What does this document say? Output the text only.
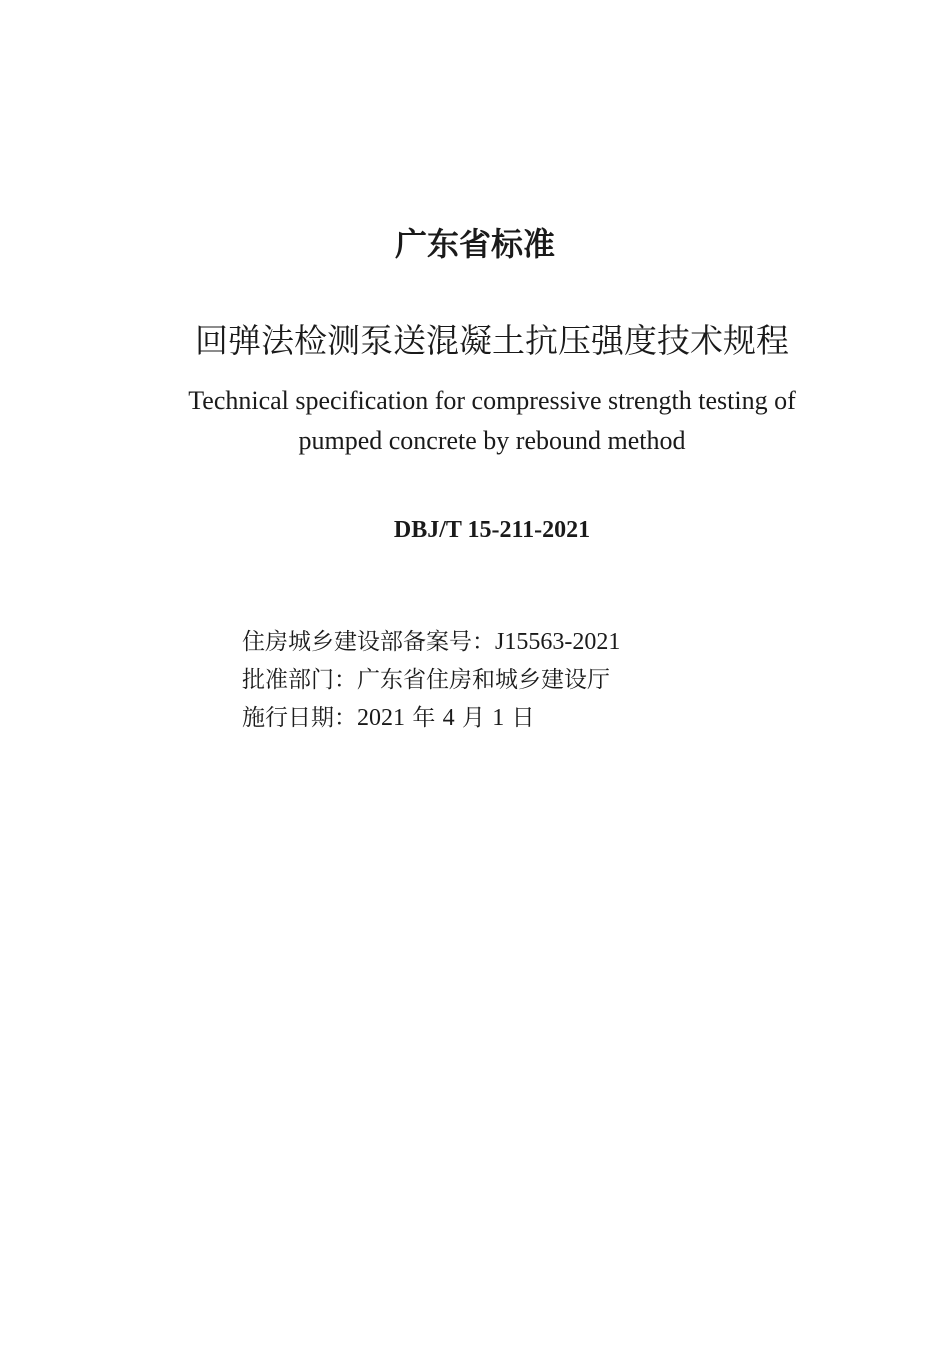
广东省标准
回弹法检测泵送混凝土抗压强度技术规程
Technical specification for compressive strength testing of
pumped concrete by rebound method
DBJ/T 15-211-2021
住房城乡建设部备案号：J15563-2021
批准部门：广东省住房和城乡建设厅
施行日期：2021 年 4 月 1 日
